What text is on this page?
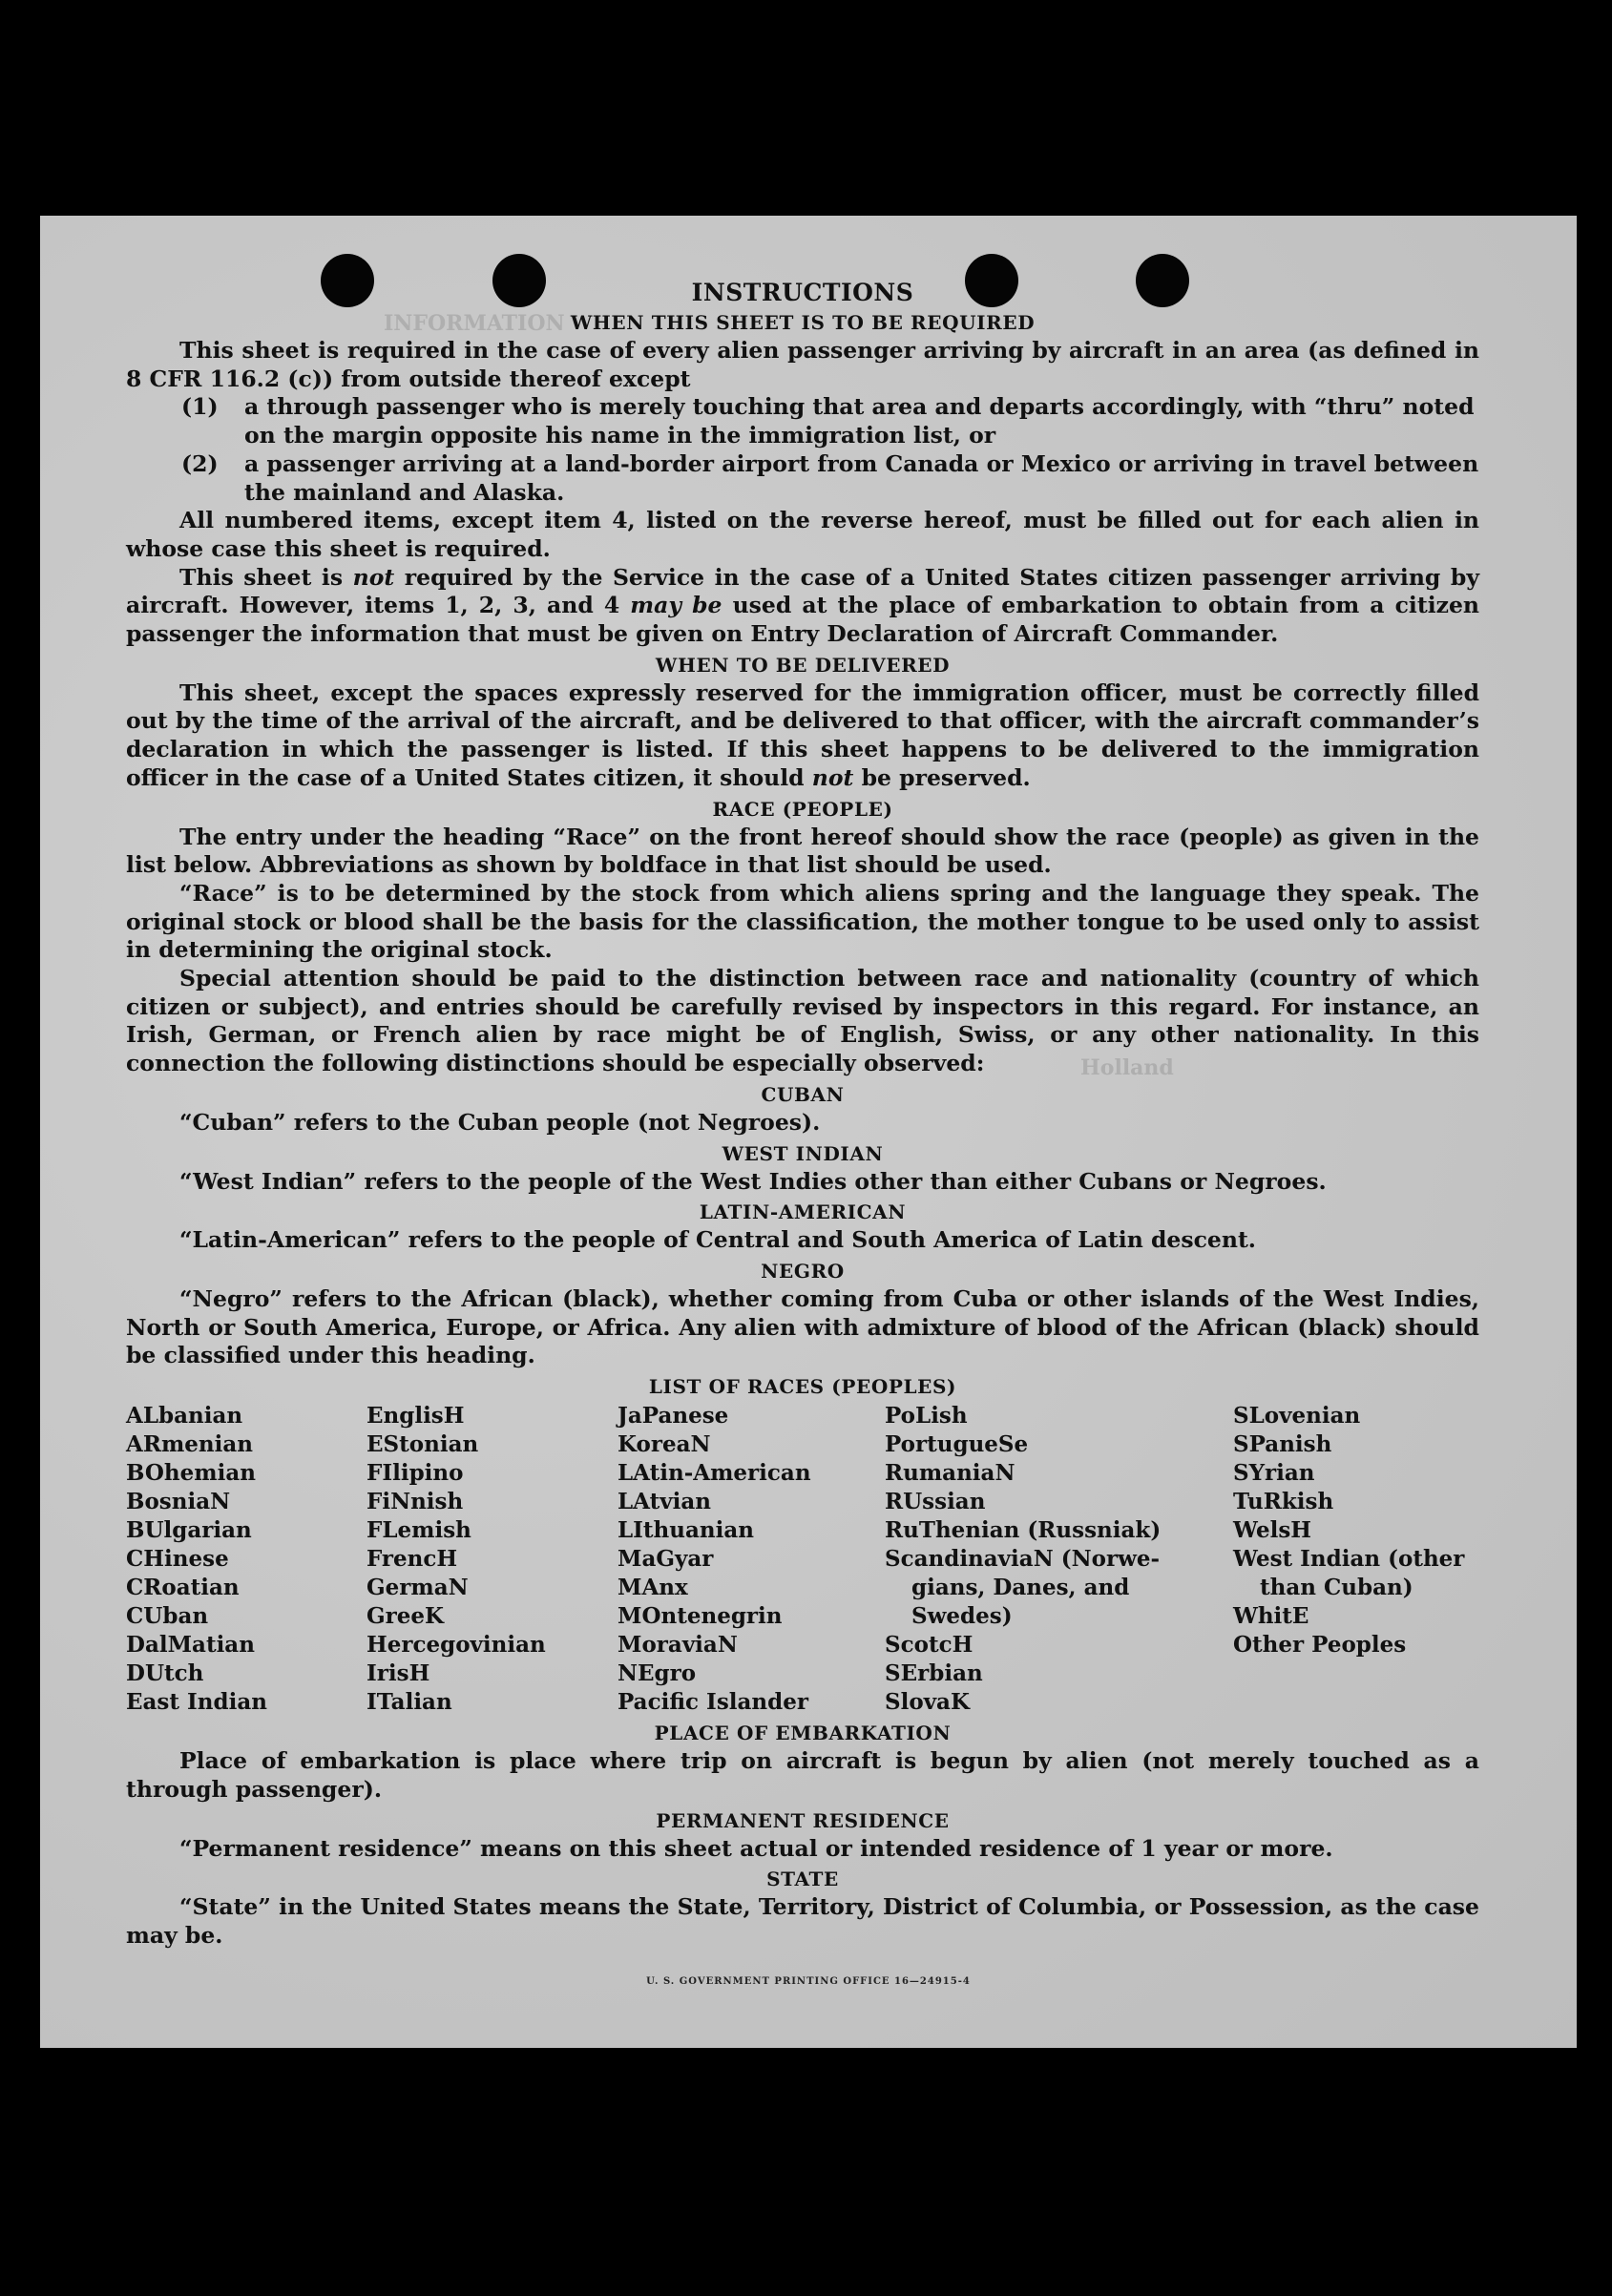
INFORMATION
Holland
INSTRUCTIONS
WHEN THIS SHEET IS TO BE REQUIRED

This sheet is required in the case of every alien passenger arriving by aircraft in an area (as defined in 8 CFR 116.2 (c)) from outside thereof except

(1) a through passenger who is merely touching that area and departs accordingly, with “thru” noted on the margin opposite his name in the immigration list, or
(2) a passenger arriving at a land-border airport from Canada or Mexico or arriving in travel between the mainland and Alaska.

All numbered items, except item 4, listed on the reverse hereof, must be filled out for each alien in whose case this sheet is required.

This sheet is not required by the Service in the case of a United States citizen passenger arriving by aircraft. However, items 1, 2, 3, and 4 may be used at the place of embarkation to obtain from a citizen passenger the information that must be given on Entry Declaration of Aircraft Commander.

WHEN TO BE DELIVERED

This sheet, except the spaces expressly reserved for the immigration officer, must be correctly filled out by the time of the arrival of the aircraft, and be delivered to that officer, with the aircraft commander’s declaration in which the passenger is listed. If this sheet happens to be delivered to the immigration officer in the case of a United States citizen, it should not be preserved.

RACE (PEOPLE)

The entry under the heading “Race” on the front hereof should show the race (people) as given in the list below. Abbreviations as shown by boldface in that list should be used.

“Race” is to be determined by the stock from which aliens spring and the language they speak. The original stock or blood shall be the basis for the classification, the mother tongue to be used only to assist in determining the original stock.

Special attention should be paid to the distinction between race and nationality (country of which citizen or subject), and entries should be carefully revised by inspectors in this regard. For instance, an Irish, German, or French alien by race might be of English, Swiss, or any other nationality. In this connection the following distinctions should be especially observed:

CUBAN

“Cuban” refers to the Cuban people (not Negroes).

WEST INDIAN

“West Indian” refers to the people of the West Indies other than either Cubans or Negroes.

LATIN-AMERICAN

“Latin-American” refers to the people of Central and South America of Latin descent.

NEGRO

“Negro” refers to the African (black), whether coming from Cuba or other islands of the West Indies, North or South America, Europe, or Africa. Any alien with admixture of blood of the African (black) should be classified under this heading.

LIST OF RACES (PEOPLES)
ALbanian
ARmenian
BOhemian
BosniaN
BUlgarian
CHinese
CRoatian
CUban
DalMatian
DUtch
East Indian
EnglisH
EStonian
FIlipino
FiNnish
FLemish
FrencH
GermaN
GreeK
Hercegovinian
IrisH
ITalian
JaPanese
KoreaN
LAtin-American
LAtvian
LIthuanian
MaGyar
MAnx
MOntenegrin
MoraviaN
NEgro
Pacific Islander
PoLish
PortugueSe
RumaniaN
RUssian
RuThenian (Russniak)
ScandinaviaN (Norwe-
gians, Danes, and
Swedes)
ScotcH
SErbian
SlovaK
SLovenian
SPanish
SYrian
TuRkish
WelsH
West Indian (other
than Cuban)
WhitE
Other Peoples
PLACE OF EMBARKATION

Place of embarkation is place where trip on aircraft is begun by alien (not merely touched as a through passenger).

PERMANENT RESIDENCE

“Permanent residence” means on this sheet actual or intended residence of 1 year or more.

STATE

“State” in the United States means the State, Territory, District of Columbia, or Possession, as the case may be.

U. S. GOVERNMENT PRINTING OFFICE 16—24915-4
